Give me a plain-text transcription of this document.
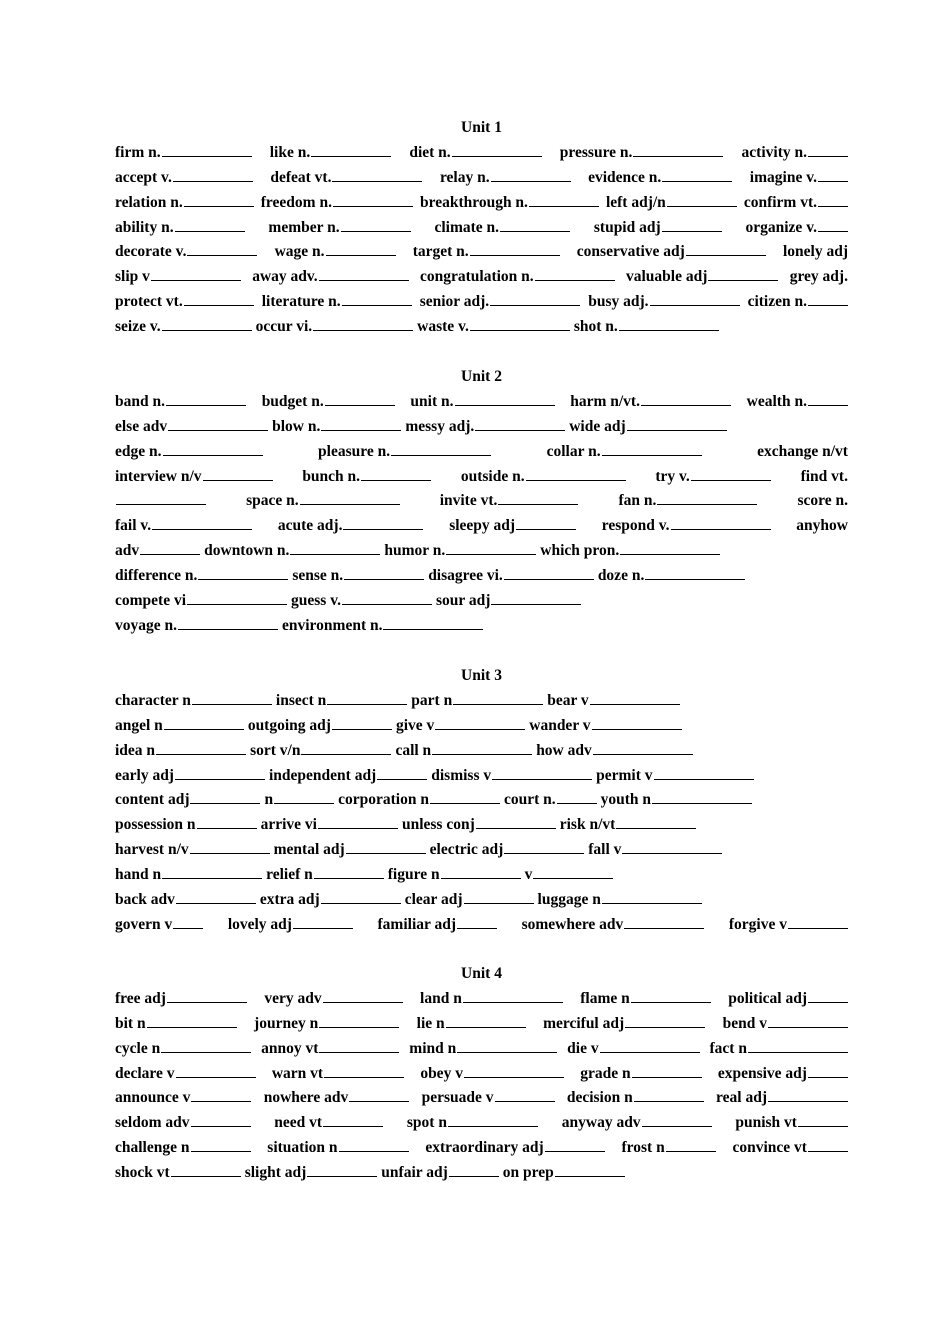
Unit 1
firm n.	like n.	diet n.	pressure n.	activity n.
accept v.	defeat vt.	relay n.	evidence n.	imagine v.
relation n.	freedom n.	breakthrough n.	left adj/n	confirm vt.
ability n.	member n.	climate n.	stupid adj	organize v.
decorate v.	wage n.	target n.	conservative adj	lonely adj
slip v	away adv.	congratulation n.	valuable adj	grey adj.
protect vt.	literature n.	senior adj.	busy adj.	citizen n.
seize v.	occur vi.	waste v.	shot n.
Unit 2
band n.	budget n.	unit n.	harm n/vt.	wealth n.
else adv	blow n.	messy adj.	wide adj
edge n.	pleasure n.	collar n.	exchange n/vt
interview n/v	bunch n.	outside n.	try v.	find vt.
space n.	invite vt.	fan n.	score n.
fail v.	acute adj.	sleepy adj	respond v.	anyhow
adv	downtown n.	humor n.	which pron.
difference n.	sense n.	disagree vi.	doze n.
compete vi	guess v.	sour adj
voyage n.	environment n.
Unit 3
character n	insect n	part n	bear v
angel n	outgoing adj	give v	wander v
idea n	sort v/n	call n	how adv
early adj	independent adj	dismiss v	permit v
content adj	n	corporation n	court n.	youth n
possession n	arrive vi	unless conj	risk n/vt
harvest n/v	mental adj	electric adj	fall v
hand n	relief n	figure n	v
back adv	extra adj	clear adj	luggage n
govern v	lovely adj	familiar adj	somewhere adv	forgive v
Unit 4
free adj	very adv	land n	flame n	political adj
bit n	journey n	lie n	merciful adj	bend v
cycle n	annoy vt	mind n	die v	fact n
declare v	warn vt	obey v	grade n	expensive adj
announce v	nowhere adv	persuade v	decision n	real adj
seldom adv	need vt	spot n	anyway adv	punish vt
challenge n	situation n	extraordinary adj	frost n	convince vt
shock vt	slight adj	unfair adj	on prep
